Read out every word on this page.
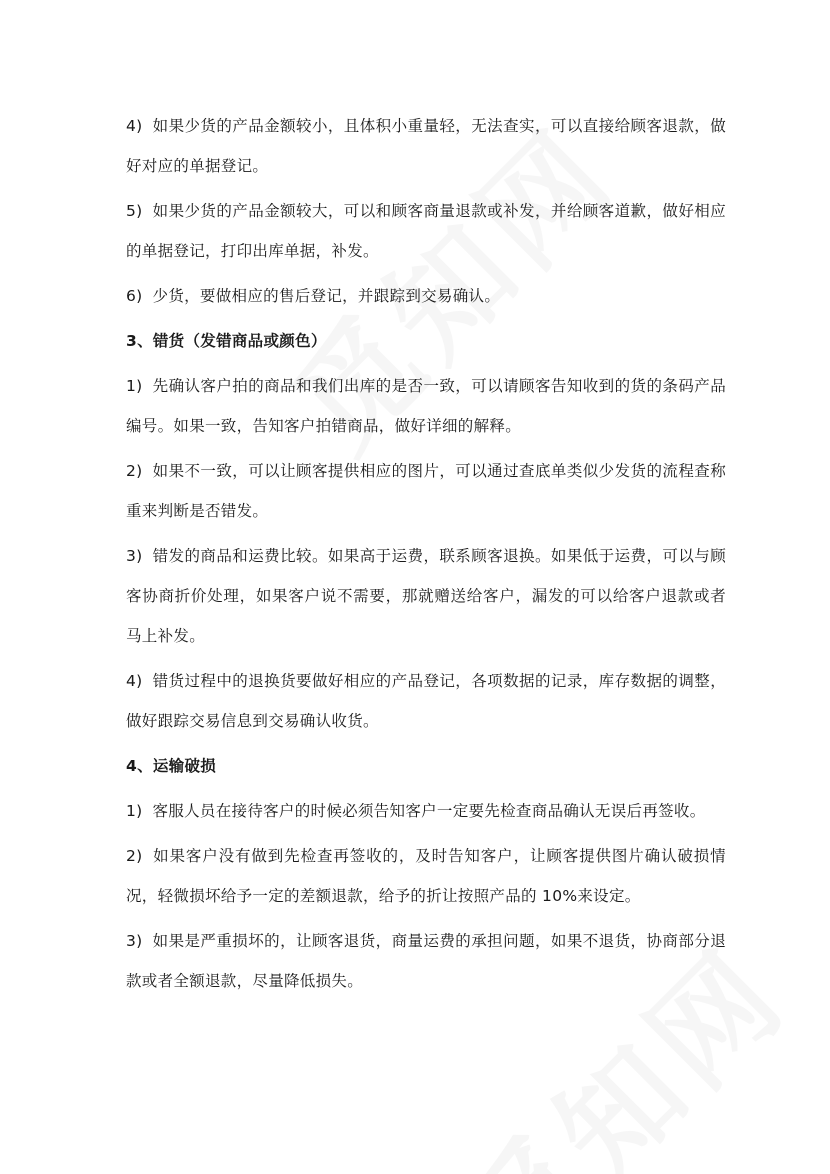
4) 如果少货的产品金额较小，且体积小重量轻，无法查实，可以直接给顾客退款，做好对应的单据登记。

5) 如果少货的产品金额较大，可以和顾客商量退款或补发，并给顾客道歉，做好相应的单据登记，打印出库单据，补发。

6) 少货，要做相应的售后登记，并跟踪到交易确认。

3、错货（发错商品或颜色）

1) 先确认客户拍的商品和我们出库的是否一致，可以请顾客告知收到的货的条码产品编号。如果一致，告知客户拍错商品，做好详细的解释。

2) 如果不一致，可以让顾客提供相应的图片，可以通过查底单类似少发货的流程查称重来判断是否错发。

3) 错发的商品和运费比较。如果高于运费，联系顾客退换。如果低于运费，可以与顾客协商折价处理，如果客户说不需要，那就赠送给客户，漏发的可以给客户退款或者马上补发。

4) 错货过程中的退换货要做好相应的产品登记，各项数据的记录，库存数据的调整，做好跟踪交易信息到交易确认收货。

4、运输破损

1) 客服人员在接待客户的时候必须告知客户一定要先检查商品确认无误后再签收。

2) 如果客户没有做到先检查再签收的，及时告知客户，让顾客提供图片确认破损情况，轻微损坏给予一定的差额退款，给予的折让按照产品的 10%来设定。

3) 如果是严重损坏的，让顾客退货，商量运费的承担问题，如果不退货，协商部分退款或者全额退款，尽量降低损失。
